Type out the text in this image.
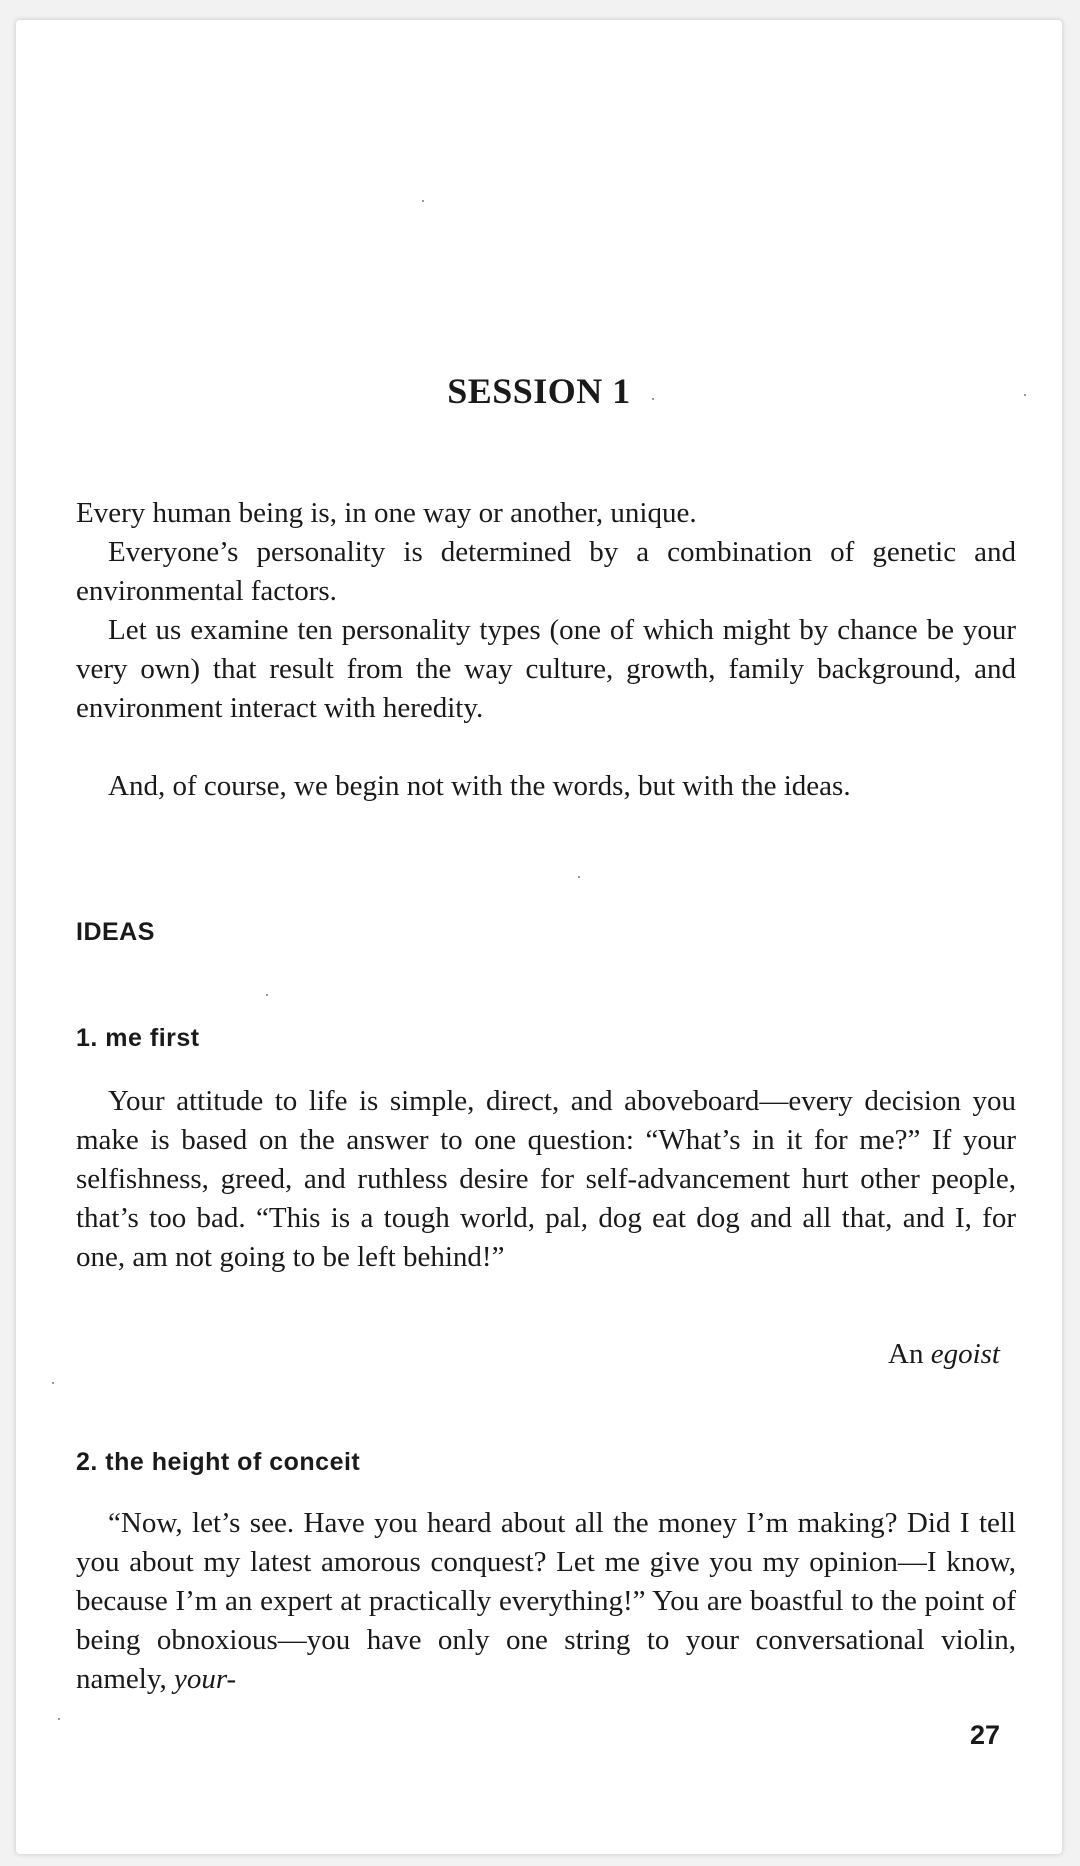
SESSION 1

Every human being is, in one way or another, unique.

Everyone’s personality is determined by a combination of genetic and environmental factors.

Let us examine ten personality types (one of which might by chance be your very own) that result from the way culture, growth, family background, and environment interact with heredity.

And, of course, we begin not with the words, but with the ideas.

IDEAS
1. me first

Your attitude to life is simple, direct, and aboveboard—every decision you make is based on the answer to one question: “What’s in it for me?” If your selfishness, greed, and ruthless desire for self-advancement hurt other people, that’s too bad. “This is a tough world, pal, dog eat dog and all that, and I, for one, am not going to be left behind!”

An egoist
2. the height of conceit

“Now, let’s see. Have you heard about all the money I’m making? Did I tell you about my latest amorous conquest? Let me give you my opinion—I know, because I’m an expert at practically everything!” You are boastful to the point of being obnoxious—you have only one string to your conversational violin, namely, your-

27
